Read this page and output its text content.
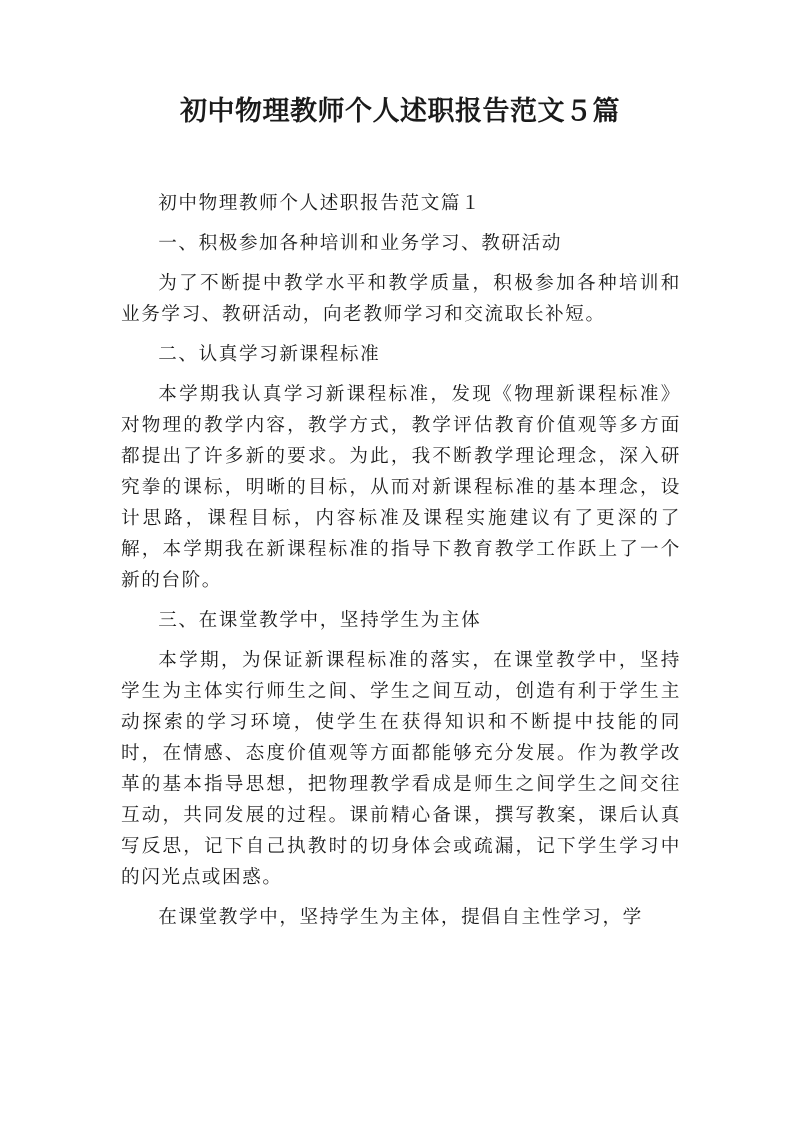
初中物理教师个人述职报告范文５篇

初中物理教师个人述职报告范文篇１

一、积极参加各种培训和业务学习、教研活动

为了不断提中教学水平和教学质量，积极参加各种培训和业务学习、教研活动，向老教师学习和交流取长补短。

二、认真学习新课程标准

本学期我认真学习新课程标准，发现《物理新课程标准》对物理的教学内容，教学方式，教学评估教育价值观等多方面都提出了许多新的要求。为此，我不断教学理论理念，深入研究拳的课标，明晰的目标，从而对新课程标准的基本理念，设计思路，课程目标，内容标准及课程实施建议有了更深的了解，本学期我在新课程标准的指导下教育教学工作跃上了一个新的台阶。

三、在课堂教学中，坚持学生为主体

本学期，为保证新课程标准的落实，在课堂教学中，坚持学生为主体实行师生之间、学生之间互动，创造有利于学生主动探索的学习环境，使学生在获得知识和不断提中技能的同时，在情感、态度价值观等方面都能够充分发展。作为教学改革的基本指导思想，把物理教学看成是师生之间学生之间交往互动，共同发展的过程。课前精心备课，撰写教案，课后认真写反思，记下自己执教时的切身体会或疏漏，记下学生学习中的闪光点或困惑。

在课堂教学中，坚持学生为主体，提倡自主性学习，学
